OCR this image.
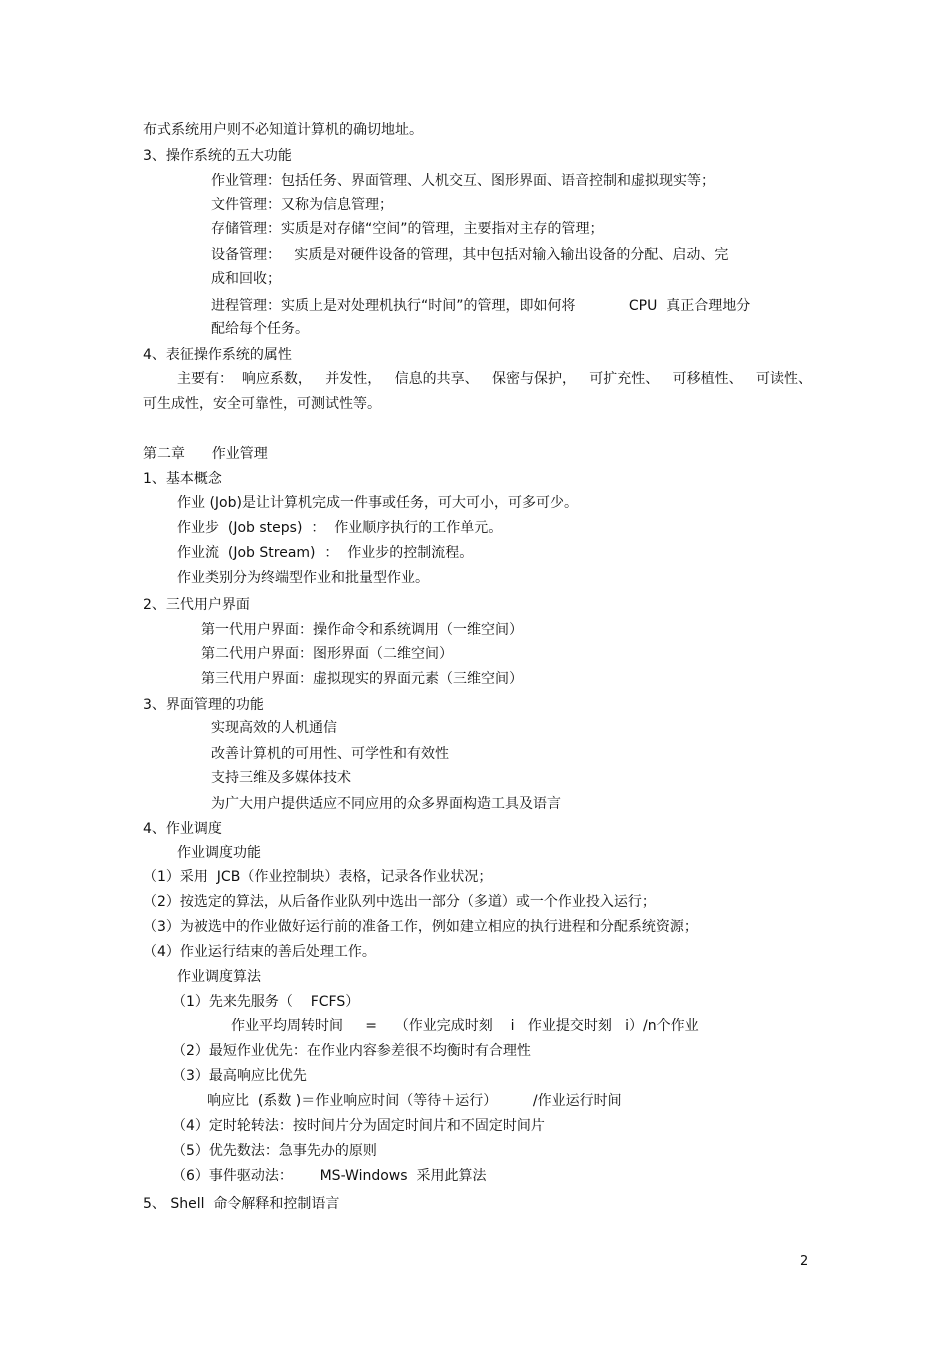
布式系统用户则不必知道计算机的确切地址。
3、操作系统的五大功能
作业管理：包括任务、界面管理、人机交互、图形界面、语音控制和虚拟现实等；
文件管理：又称为信息管理；
存储管理：实质是对存储“空间”的管理，主要指对主存的管理；
设备管理：   实质是对硬件设备的管理，其中包括对输入输出设备的分配、启动、完
成和回收；
进程管理：实质上是对处理机执行“时间”的管理，即如何将            CPU  真正合理地分
配给每个任务。
4、表征操作系统的属性
主要有：  响应系数，   并发性，   信息的共享、   保密与保护，   可扩充性、   可移植性、   可读性、
可生成性，安全可靠性，可测试性等。
第二章      作业管理
1、基本概念
作业 (Job)是让计算机完成一件事或任务，可大可小，可多可少。
作业步  (Job steps)  ：  作业顺序执行的工作单元。
作业流  (Job Stream)  ：  作业步的控制流程。
作业类别分为终端型作业和批量型作业。
2、三代用户界面
第一代用户界面：操作命令和系统调用（一维空间）
第二代用户界面：图形界面（二维空间）
第三代用户界面：虚拟现实的界面元素（三维空间）
3、界面管理的功能
实现高效的人机通信
改善计算机的可用性、可学性和有效性
支持三维及多媒体技术
为广大用户提供适应不同应用的众多界面构造工具及语言
4、作业调度
作业调度功能
（1）采用  JCB（作业控制块）表格，记录各作业状况；
（2）按选定的算法，从后备作业队列中选出一部分（多道）或一个作业投入运行；
（3）为被选中的作业做好运行前的准备工作，例如建立相应的执行进程和分配系统资源；
（4）作业运行结束的善后处理工作。
作业调度算法
（1）先来先服务（    FCFS）
作业平均周转时间     =    （作业完成时刻    i   作业提交时刻   i）/n个作业
（2）最短作业优先：在作业内容参差很不均衡时有合理性
（3）最高响应比优先
响应比  (系数 )＝作业响应时间（等待＋运行）        /作业运行时间
（4）定时轮转法：按时间片分为固定时间片和不固定时间片
（5）优先数法：急事先办的原则
（6）事件驱动法：      MS-Windows  采用此算法
5、 Shell  命令解释和控制语言
2
